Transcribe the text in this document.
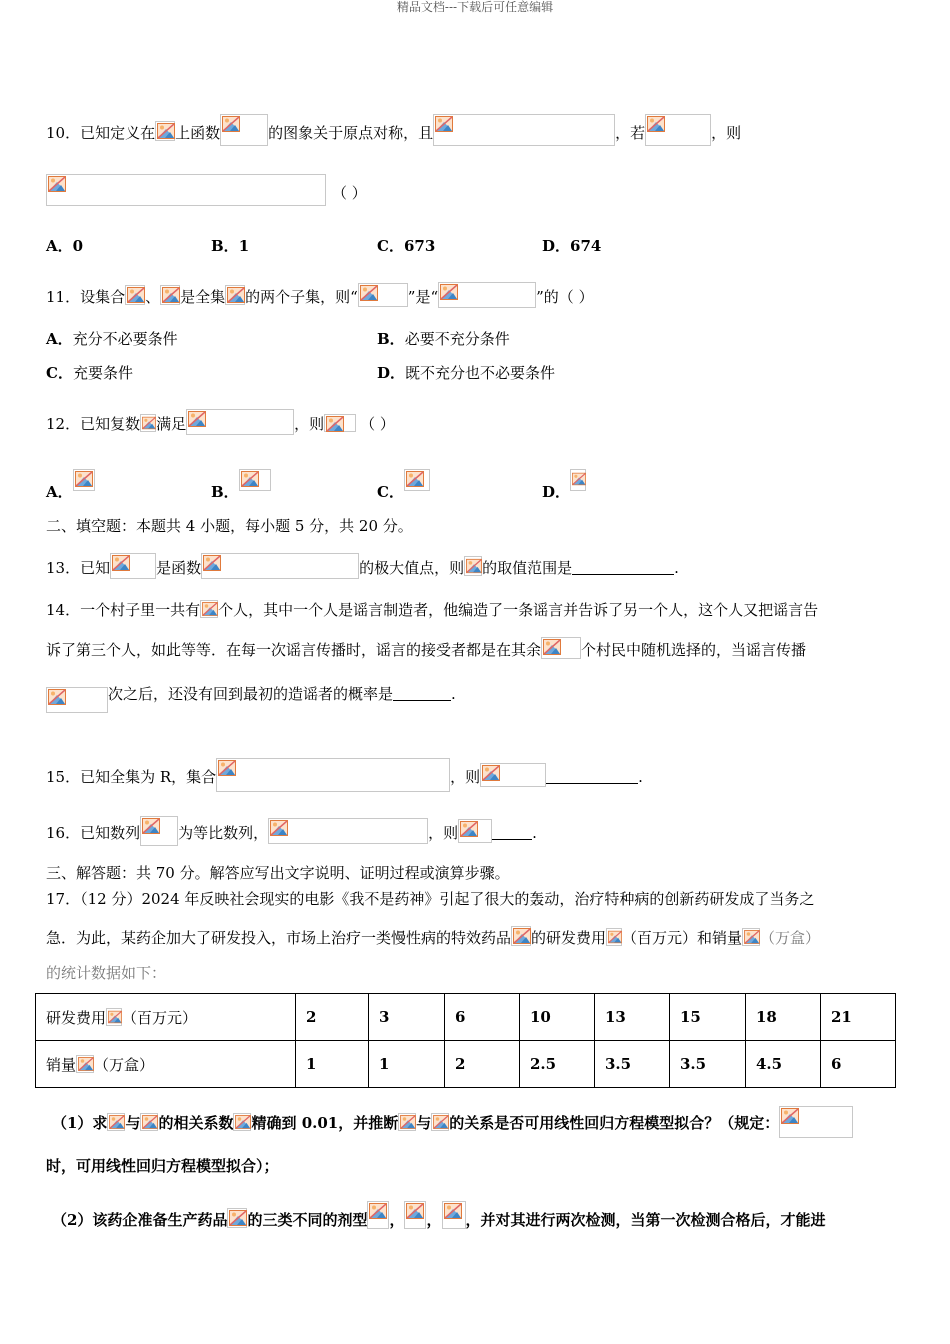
精品文档---下载后可任意编辑
10．已知定义在 上函数	的图象关于原点对称，且	，若	，则
（ ）
A．0	B．1	C．673	D．674
11．设集合 、 是全集 的两个子集，则“	”是“	”的（ ）
A．充分不必要条件	B．必要不充分条件
C．充要条件	D．既不充分也不必要条件
12．已知复数 满足	，则 （ ）
A．	B．	C．	D．
二、填空题：本题共 4 小题，每小题 5 分，共 20 分。
13．已知	是函数	的极大值点，则 的取值范围是	.
14．一个村子里一共有 个人，其中一个人是谣言制造者，他编造了一条谣言并告诉了另一个人，这个人又把谣言告
诉了第三个人，如此等等．在每一次谣言传播时，谣言的接受者都是在其余	个村民中随机选择的，当谣言传播
次之后，还没有回到最初的造谣者的概率是	.
15．已知全集为 R，集合	，则	.
16．已知数列	为等比数列，	，则	.
三、解答题：共 70 分。解答应写出文字说明、证明过程或演算步骤。
17．（12 分）2024 年反映社会现实的电影《我不是药神》引起了很大的轰动，治疗特种病的创新药研发成了当务之
急．为此，某药企加大了研发投入，市场上治疗一类慢性病的特效药品 的研发费用 （百万元）和销量 （万盒）
的统计数据如下：
研发费用 （百万元）	2	3	6	10	13	15	18	21
销量 （万盒）	1	1	2	2.5	3.5	3.5	4.5	6
（1）求 与 的相关系数 精确到 0.01，并推断 与 的关系是否可用线性回归方程模型拟合？（规定：
时，可用线性回归方程模型拟合）；
（2）该药企准备生产药品 的三类不同的剂型 ， ， ，并对其进行两次检测，当第一次检测合格后，才能进
